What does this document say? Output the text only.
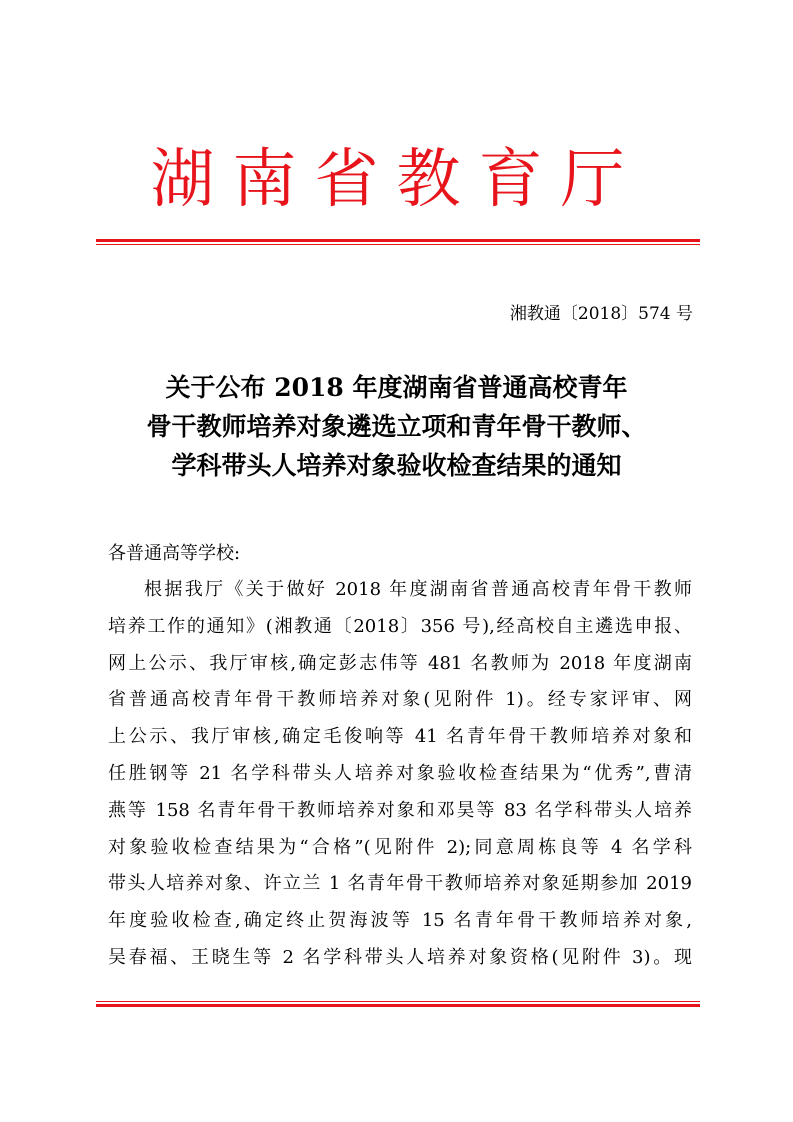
湖南省教育厅
湘教通〔2018〕574 号
关于公布 2018 年度湖南省普通高校青年
骨干教师培养对象遴选立项和青年骨干教师、
学科带头人培养对象验收检查结果的通知
各普通高等学校:
根据我厅《关于做好 2018 年度湖南省普通高校青年骨干教师
培养工作的通知》(湘教通〔2018〕356 号),经高校自主遴选申报、
网上公示、我厅审核,确定彭志伟等 481 名教师为 2018 年度湖南
省普通高校青年骨干教师培养对象(见附件 1)。经专家评审、网
上公示、我厅审核,确定毛俊响等 41 名青年骨干教师培养对象和
任胜钢等 21 名学科带头人培养对象验收检查结果为“优秀”,曹清
燕等 158 名青年骨干教师培养对象和邓昊等 83 名学科带头人培养
对象验收检查结果为“合格”(见附件 2);同意周栋良等 4 名学科
带头人培养对象、许立兰 1 名青年骨干教师培养对象延期参加 2019
年度验收检查,确定终止贺海波等 15 名青年骨干教师培养对象,
吴春福、王晓生等 2 名学科带头人培养对象资格(见附件 3)。现
